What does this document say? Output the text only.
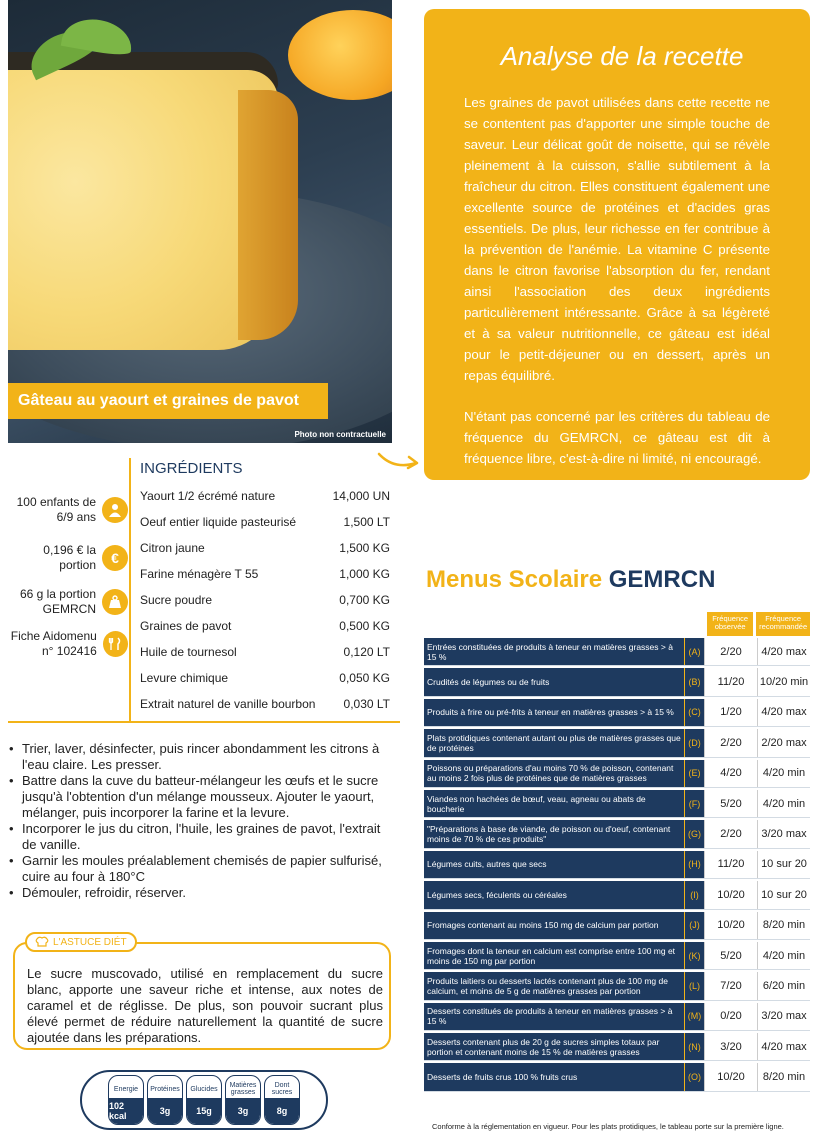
Photo non contractuelle
Gâteau au yaourt et graines de pavot
Analyse de la recette

Les graines de pavot utilisées dans cette recette ne se contentent pas d'apporter une simple touche de saveur. Leur délicat goût de noisette, qui se révèle pleinement à la cuisson, s'allie subtilement à la fraîcheur du citron. Elles constituent également une excellente source de protéines et d'acides gras essentiels. De plus, leur richesse en fer contribue à la prévention de l'anémie. La vitamine C présente dans le citron favorise l'absorption du fer, rendant ainsi l'association des deux ingrédients particulièrement intéressante. Grâce à sa légèreté et à sa valeur nutritionnelle, ce gâteau est idéal pour le petit-déjeuner ou en dessert, après un repas équilibré.

N'étant pas concerné par les critères du tableau de fréquence du GEMRCN, ce gâteau est dit à fréquence libre, c'est-à-dire ni limité, ni encouragé.

100 enfants de 6/9 ans
0,196 € la portion	€
66 g la portion GEMRCN
Fiche Aidomenu n° 102416
INGRÉDIENTS
Yaourt 1/2 écrémé nature	14,000 UN
Oeuf entier liquide pasteurisé	1,500 LT
Citron jaune	1,500 KG
Farine ménagère T 55	1,000 KG
Sucre poudre	0,700 KG
Graines de pavot	0,500 KG
Huile de tournesol	0,120 LT
Levure chimique	0,050 KG
Extrait naturel de vanille bourbon 0,030 LT
• Trier, laver, désinfecter, puis rincer abondamment les citrons à l'eau claire. Les presser.
• Battre dans la cuve du batteur-mélangeur les œufs et le sucre jusqu'à l'obtention d'un mélange mousseux. Ajouter le yaourt, mélanger, puis incorporer la farine et la levure.
• Incorporer le jus du citron, l'huile, les graines de pavot, l'extrait de vanille.
• Garnir les moules préalablement chemisés de papier sulfurisé, cuire au four à 180°C
• Démouler, refroidir, réserver.
L'ASTUCE DIÉT
Le sucre muscovado, utilisé en remplacement du sucre blanc, apporte une saveur riche et intense, aux notes de caramel et de réglisse. De plus, son pouvoir sucrant plus élevé permet de réduire naturellement la quantité de sucre ajoutée dans les préparations.
Energie
102 kcal
Protéines
3g
Glucides
15g
Matières grasses
3g
Dont sucres
8g
Menus Scolaire GEMRCN
Fréquence observée
Fréquence recommandée
Entrées constituées de produits à teneur en matières grasses > à 15 %	(A)	2/20	4/20 max
Crudités de légumes ou de fruits	(B)	11/20	10/20 min
Produits à frire ou pré-frits à teneur en matières grasses > à 15 %	(C)	1/20	4/20 max
Plats protidiques contenant autant ou plus de matières grasses que de protéines	(D)	2/20	2/20 max
Poissons ou préparations d'au moins 70 % de poisson, contenant au moins 2 fois plus de protéines que de matières grasses	(E)	4/20	4/20 min
Viandes non hachées de bœuf, veau, agneau ou abats de boucherie	(F)	5/20	4/20 min
"Préparations à base de viande, de poisson ou d'oeuf, contenant moins de 70 % de ces produits"	(G)	2/20	3/20 max
Légumes cuits, autres que secs	(H)	11/20	10 sur 20
Légumes secs, féculents ou céréales	(I)	10/20	10 sur 20
Fromages contenant au moins 150 mg de calcium par portion	(J)	10/20	8/20 min
Fromages dont la teneur en calcium est comprise entre 100 mg et moins de 150 mg par portion	(K)	5/20	4/20 min
Produits laitiers ou desserts lactés contenant plus de 100 mg de calcium, et moins de 5 g de matières grasses par portion	(L)	7/20	6/20 min
Desserts constitués de produits à teneur en matières grasses > à 15 %	(M)	0/20	3/20 max
Desserts contenant plus de 20 g de sucres simples totaux par portion et contenant moins de 15 % de matières grasses	(N)	3/20	4/20 max
Desserts de fruits crus 100 % fruits crus	(O)	10/20	8/20 min
Conforme à la réglementation en vigueur. Pour les plats protidiques, le tableau porte sur la première ligne.
